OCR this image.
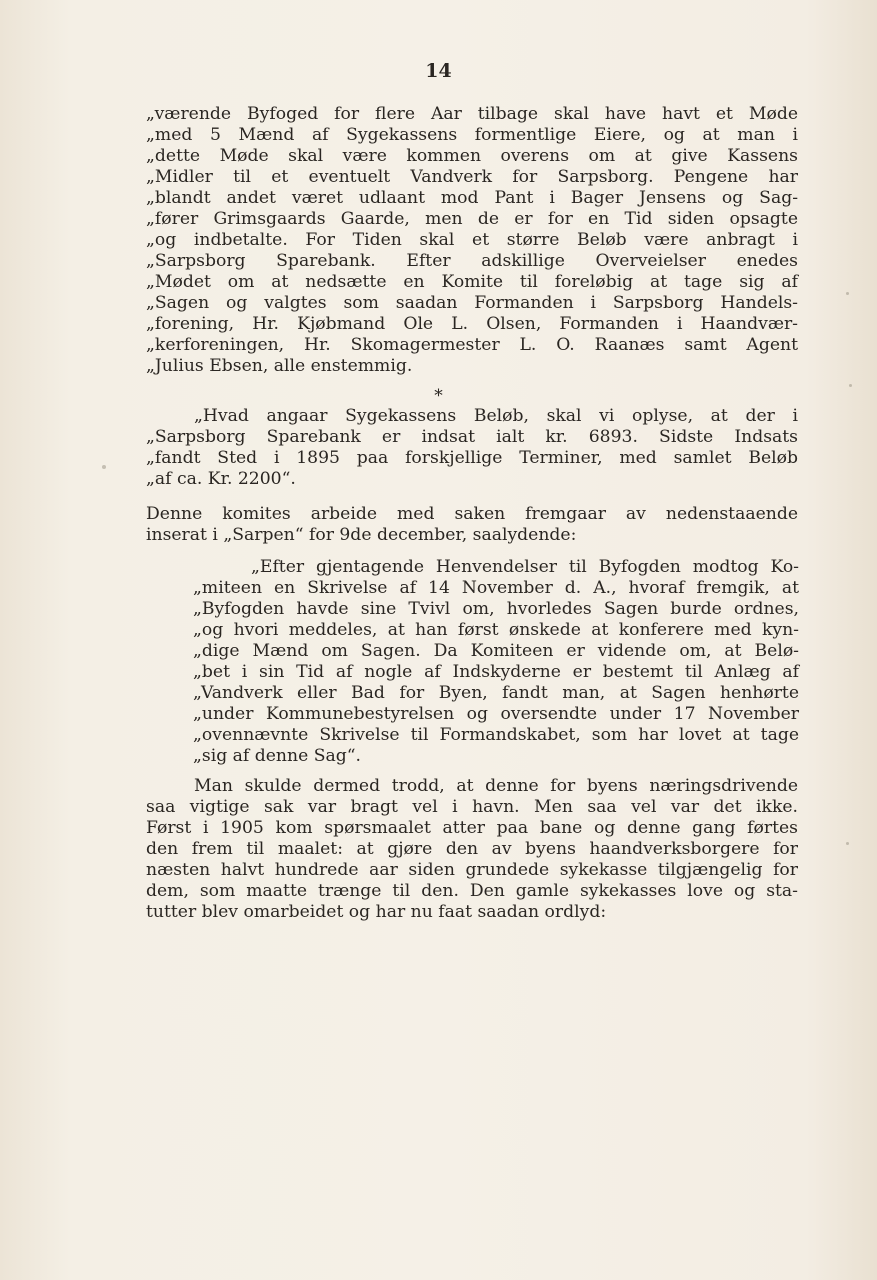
14
„værende Byfoged for flere Aar tilbage skal have havt et Møde
„med 5 Mænd af Sygekassens formentlige Eiere, og at man i
„dette Møde skal være kommen overens om at give Kassens
„Midler til et eventuelt Vandverk for Sarpsborg. Pengene har
„blandt andet været udlaant mod Pant i Bager Jensens og Sag-
„fører Grimsgaards Gaarde, men de er for en Tid siden opsagte
„og indbetalte. For Tiden skal et større Beløb være anbragt i
„Sarpsborg Sparebank. Efter adskillige Overveielser enedes
„Mødet om at nedsætte en Komite til foreløbig at tage sig af
„Sagen og valgtes som saadan Formanden i Sarpsborg Handels-
„forening, Hr. Kjøbmand Ole L. Olsen, Formanden i Haandvær-
„kerforeningen, Hr. Skomagermester L. O. Raanæs samt Agent
„Julius Ebsen, alle enstemmig.
*
„Hvad angaar Sygekassens Beløb, skal vi oplyse, at der i
„Sarpsborg Sparebank er indsat ialt kr. 6893. Sidste Indsats
„fandt Sted i 1895 paa forskjellige Terminer, med samlet Beløb
„af ca. Kr. 2200“.
Denne komites arbeide med saken fremgaar av nedenstaaende
inserat i „Sarpen“ for 9de december, saalydende:
„Efter gjentagende Henvendelser til Byfogden modtog Ko-
„miteen en Skrivelse af 14 November d. A., hvoraf fremgik, at
„Byfogden havde sine Tvivl om, hvorledes Sagen burde ordnes,
„og hvori meddeles, at han først ønskede at konferere med kyn-
„dige Mænd om Sagen. Da Komiteen er vidende om, at Belø-
„bet i sin Tid af nogle af Indskyderne er bestemt til Anlæg af
„Vandverk eller Bad for Byen, fandt man, at Sagen henhørte
„under Kommunebestyrelsen og oversendte under 17 November
„ovennævnte Skrivelse til Formandskabet, som har lovet at tage
„sig af denne Sag“.
Man skulde dermed trodd, at denne for byens næringsdrivende
saa vigtige sak var bragt vel i havn. Men saa vel var det ikke.
Først i 1905 kom spørsmaalet atter paa bane og denne gang førtes
den frem til maalet: at gjøre den av byens haandverksborgere for
næsten halvt hundrede aar siden grundede sykekasse tilgjængelig for
dem, som maatte trænge til den. Den gamle sykekasses love og sta-
tutter blev omarbeidet og har nu faat saadan ordlyd:
